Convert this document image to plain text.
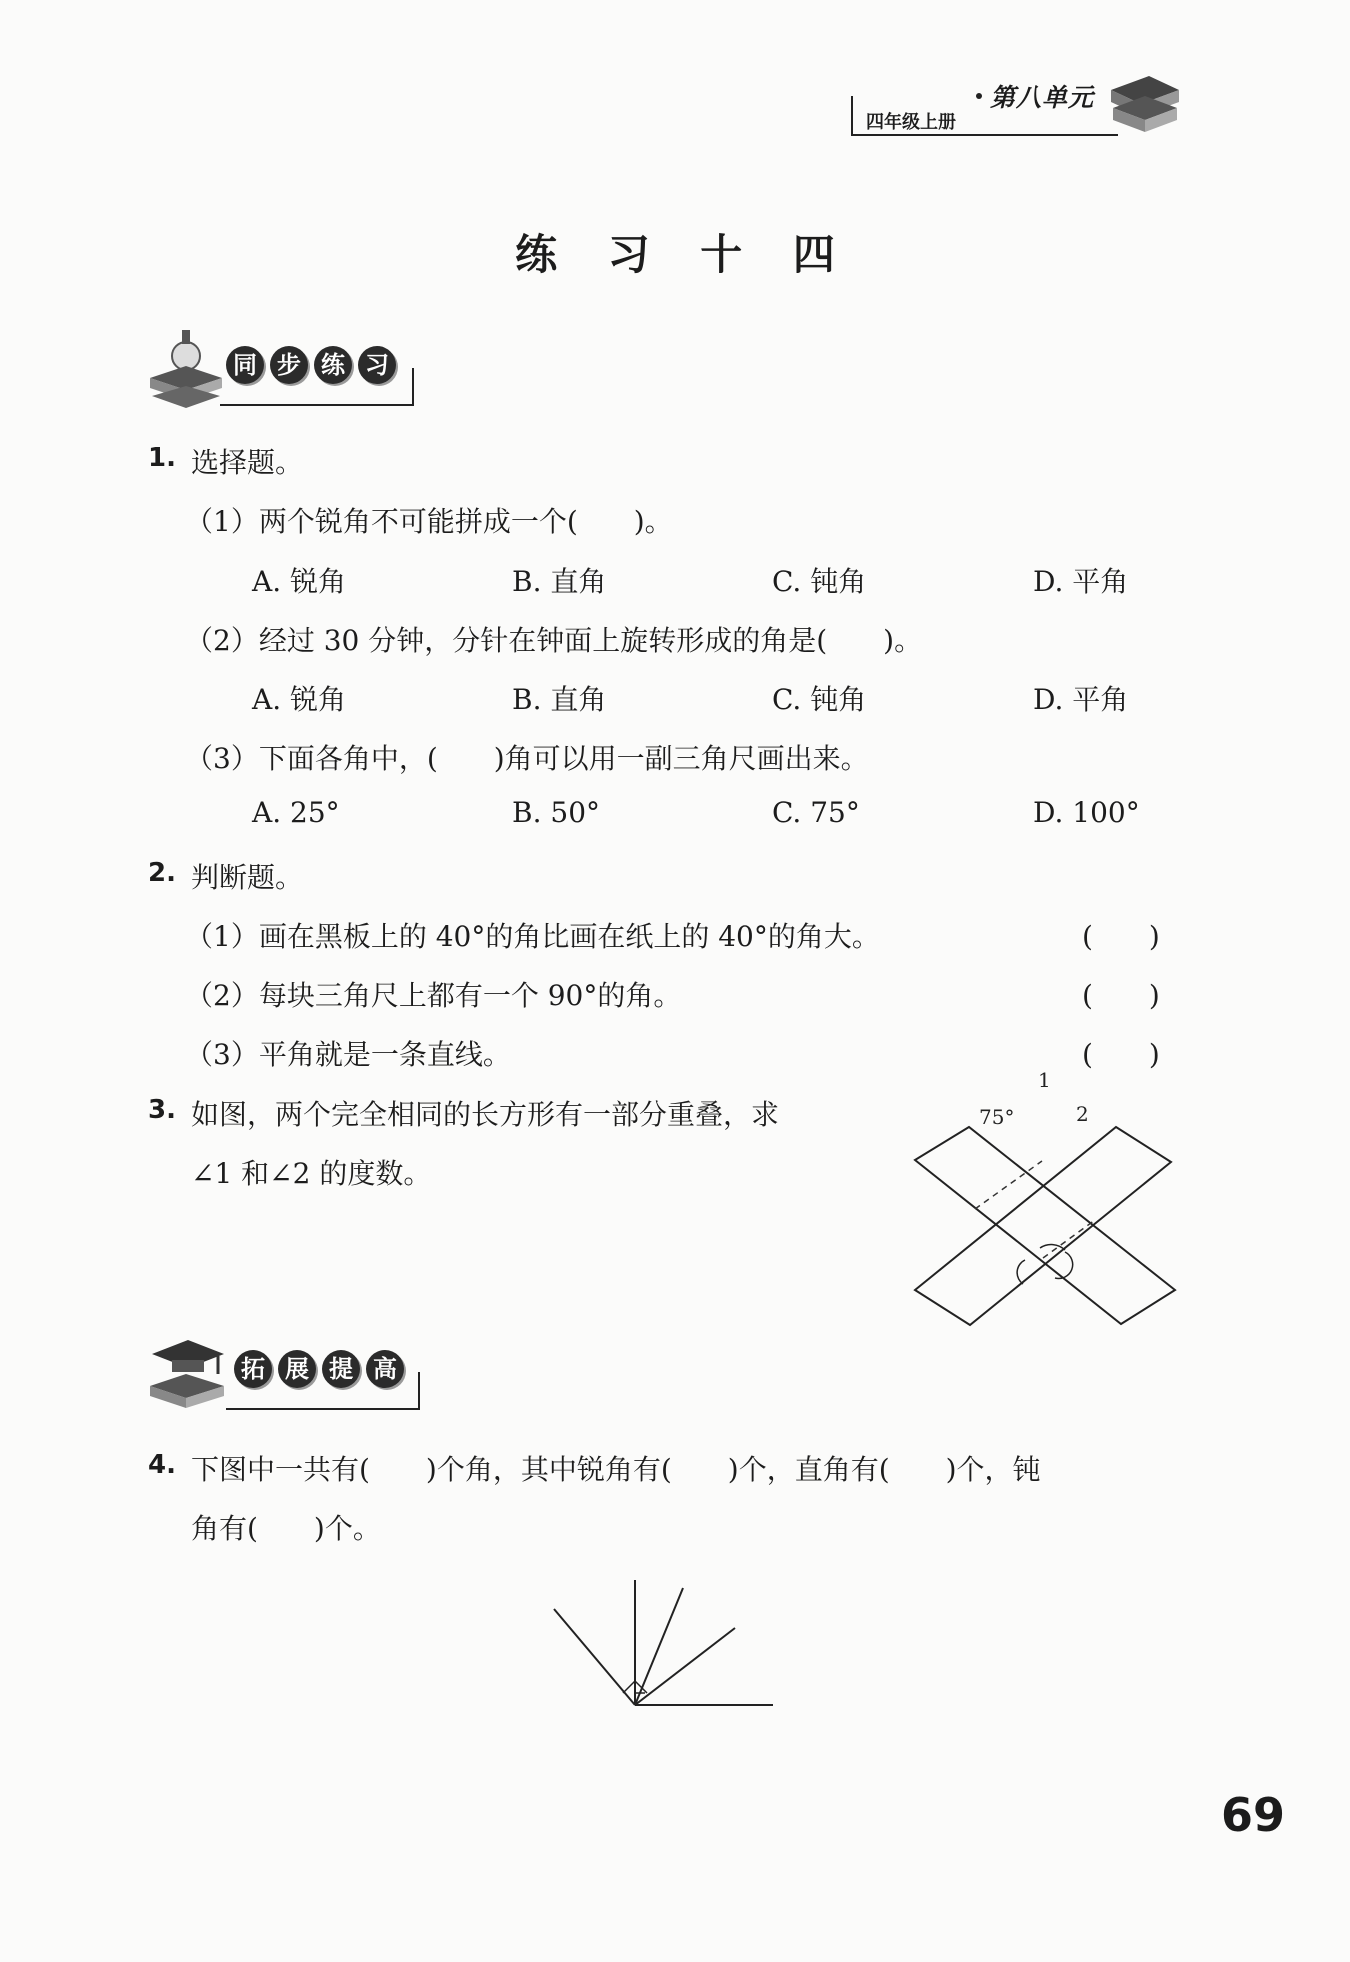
四年级上册
第八单元
练 习 十 四
同 步 练 习
1. 选择题。
（1）两个锐角不可能拼成一个(　　)。
A. 锐角	B. 直角	C. 钝角	D. 平角
（2）经过 30 分钟，分针在钟面上旋转形成的角是(　　)。
A. 锐角	B. 直角	C. 钝角	D. 平角
（3）下面各角中，(　　)角可以用一副三角尺画出来。
A. 25°	B. 50°	C. 75°	D. 100°
2. 判断题。
（1）画在黑板上的 40°的角比画在纸上的 40°的角大。	(　　)
（2）每块三角尺上都有一个 90°的角。	(　　)
（3）平角就是一条直线。	(　　)
3. 如图，两个完全相同的长方形有一部分重叠，求
∠1 和∠2 的度数。
75°
1
2
拓 展 提 高
4. 下图中一共有(　　)个角，其中锐角有(　　)个，直角有(　　)个，钝
角有(　　)个。
69
